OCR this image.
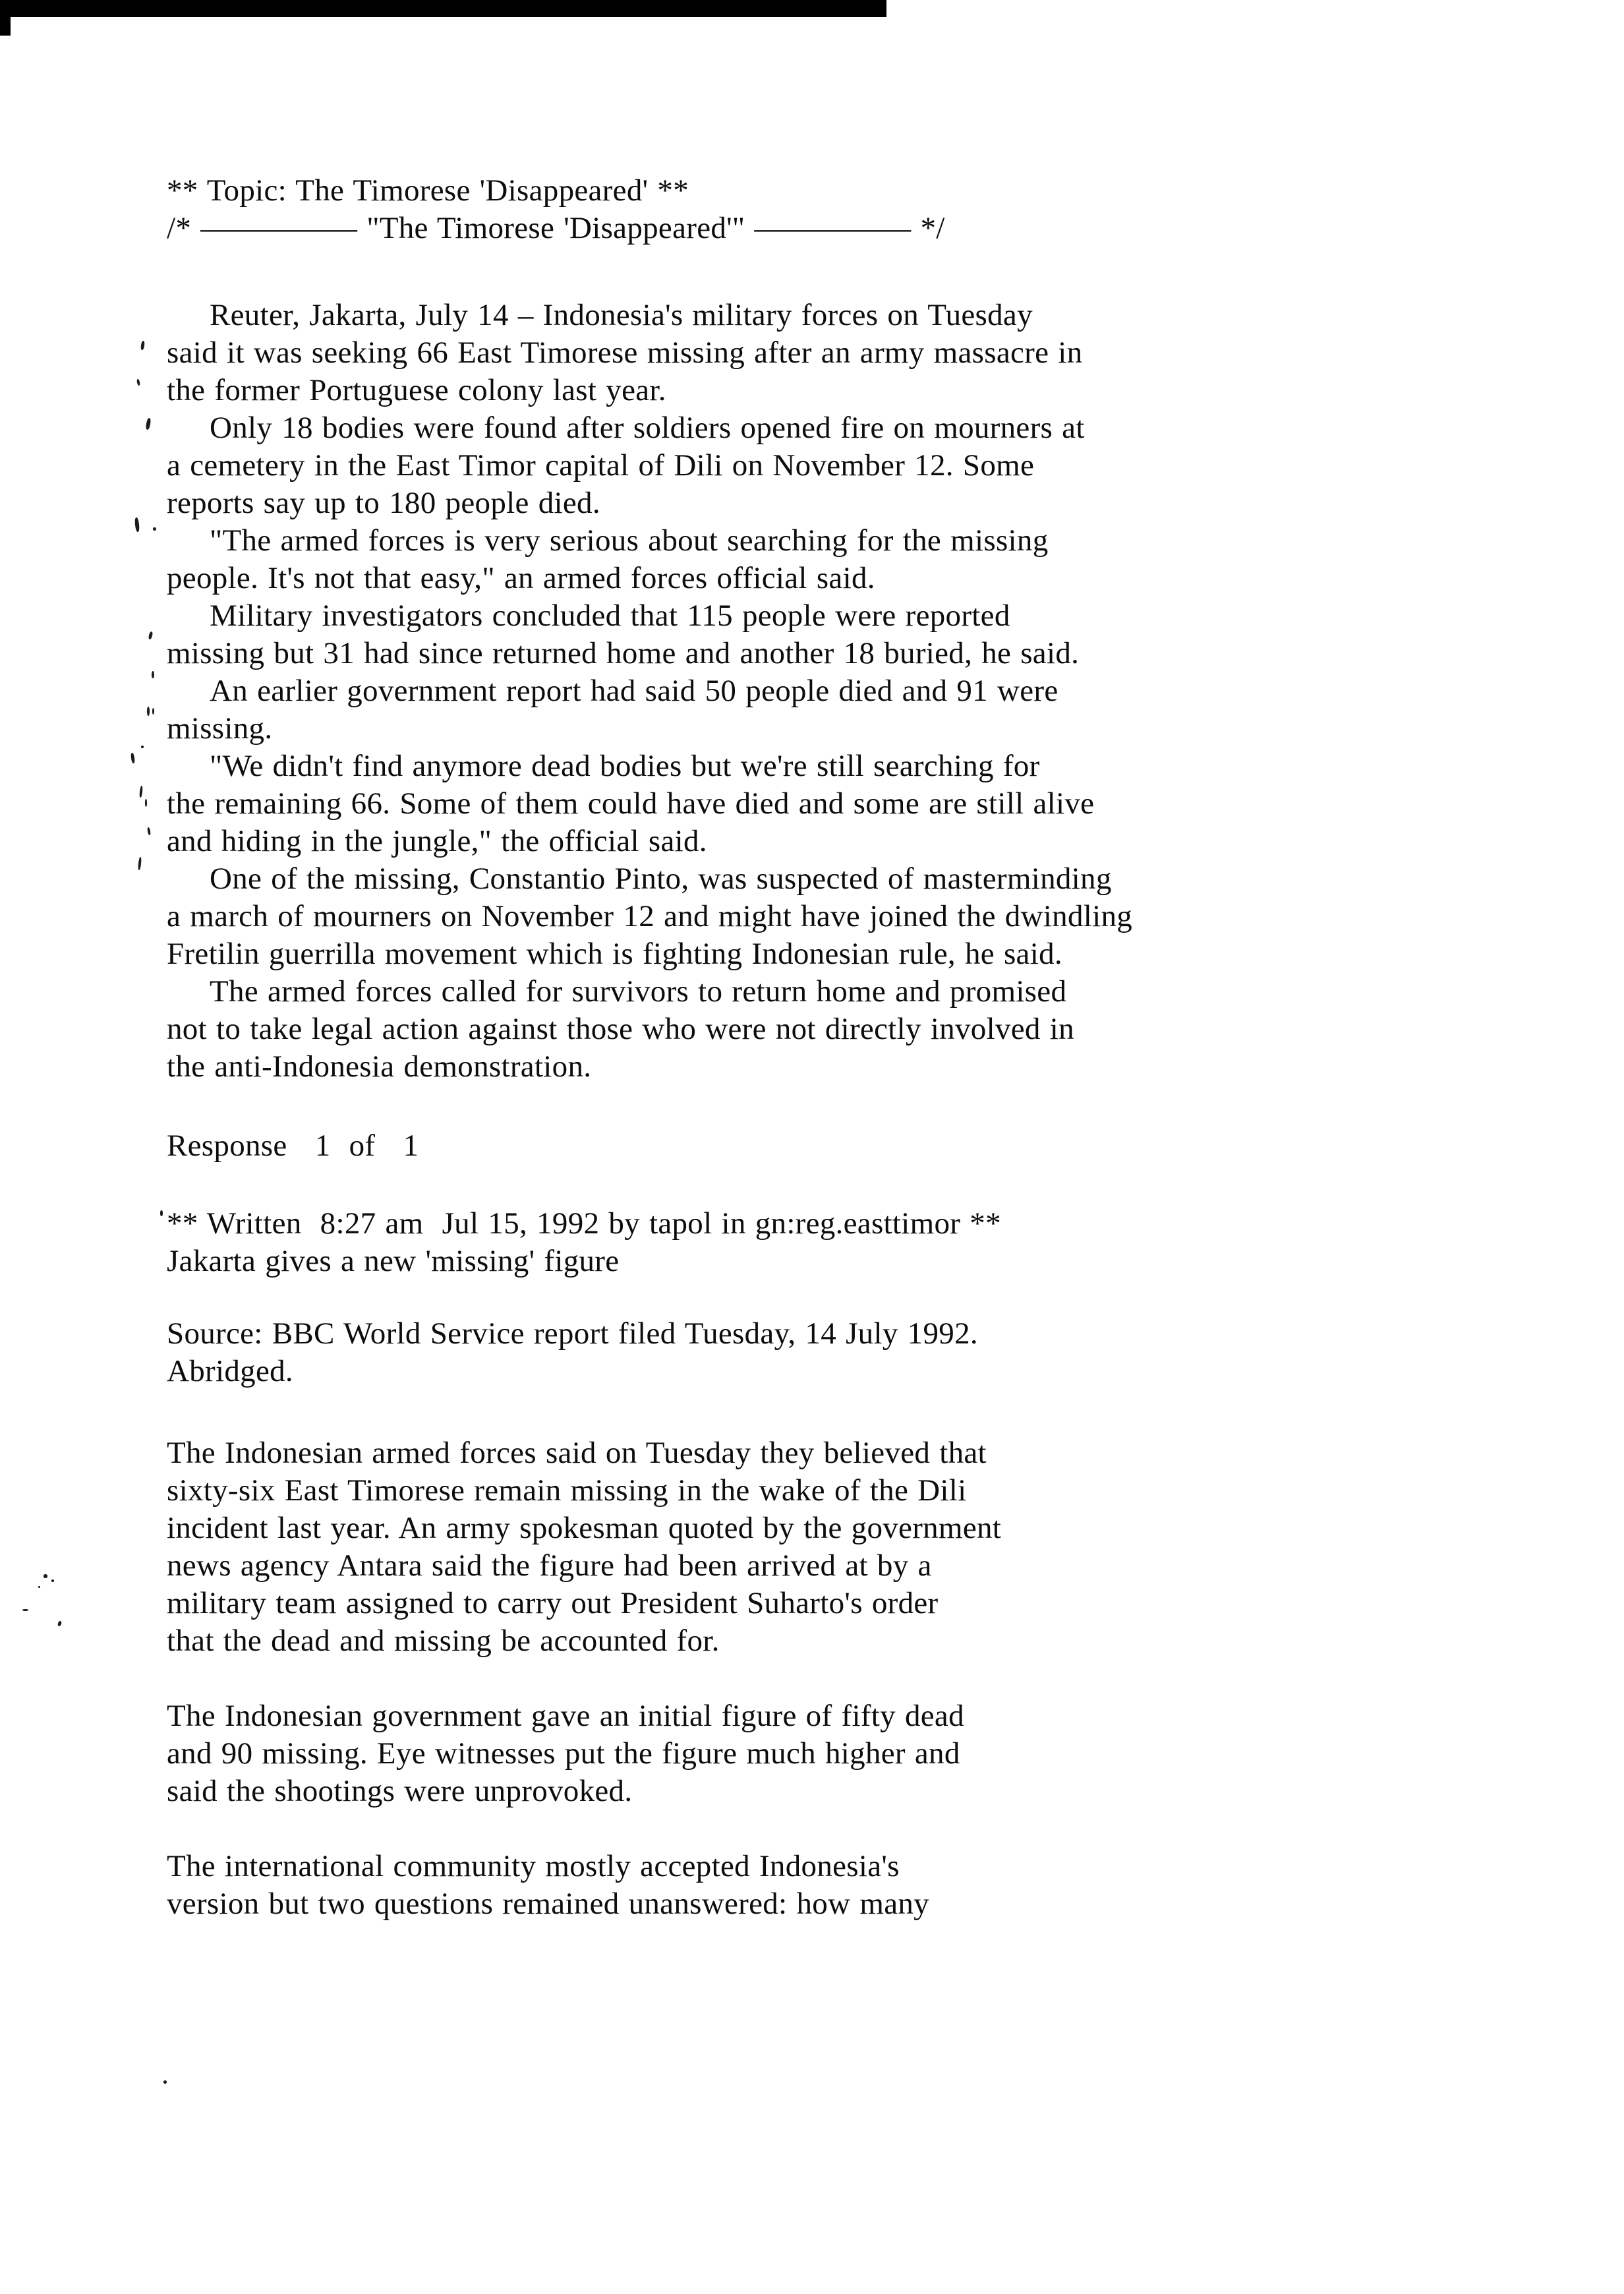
** Topic: The Timorese 'Disappeared' **
/* –––––––––– "The Timorese 'Disappeared'" –––––––––– */
Reuter, Jakarta, July 14 – Indonesia's military forces on Tuesday
said it was seeking 66 East Timorese missing after an army massacre in
the former Portuguese colony last year.
Only 18 bodies were found after soldiers opened fire on mourners at
a cemetery in the East Timor capital of Dili on November 12. Some
reports say up to 180 people died.
"The armed forces is very serious about searching for the missing
people. It's not that easy," an armed forces official said.
Military investigators concluded that 115 people were reported
missing but 31 had since returned home and another 18 buried, he said.
An earlier government report had said 50 people died and 91 were
missing.
"We didn't find anymore dead bodies but we're still searching for
the remaining 66. Some of them could have died and some are still alive
and hiding in the jungle," the official said.
One of the missing, Constantio Pinto, was suspected of masterminding
a march of mourners on November 12 and might have joined the dwindling
Fretilin guerrilla movement which is fighting Indonesian rule, he said.
The armed forces called for survivors to return home and promised
not to take legal action against those who were not directly involved in
the anti-Indonesia demonstration.
Response   1  of   1
** Written  8:27 am  Jul 15, 1992 by tapol in gn:reg.easttimor **
Jakarta gives a new 'missing' figure
Source: BBC World Service report filed Tuesday, 14 July 1992.
Abridged.
The Indonesian armed forces said on Tuesday they believed that
sixty-six East Timorese remain missing in the wake of the Dili
incident last year. An army spokesman quoted by the government
news agency Antara said the figure had been arrived at by a
military team assigned to carry out President Suharto's order
that the dead and missing be accounted for.
The Indonesian government gave an initial figure of fifty dead
and 90 missing. Eye witnesses put the figure much higher and
said the shootings were unprovoked.
The international community mostly accepted Indonesia's
version but two questions remained unanswered: how many
